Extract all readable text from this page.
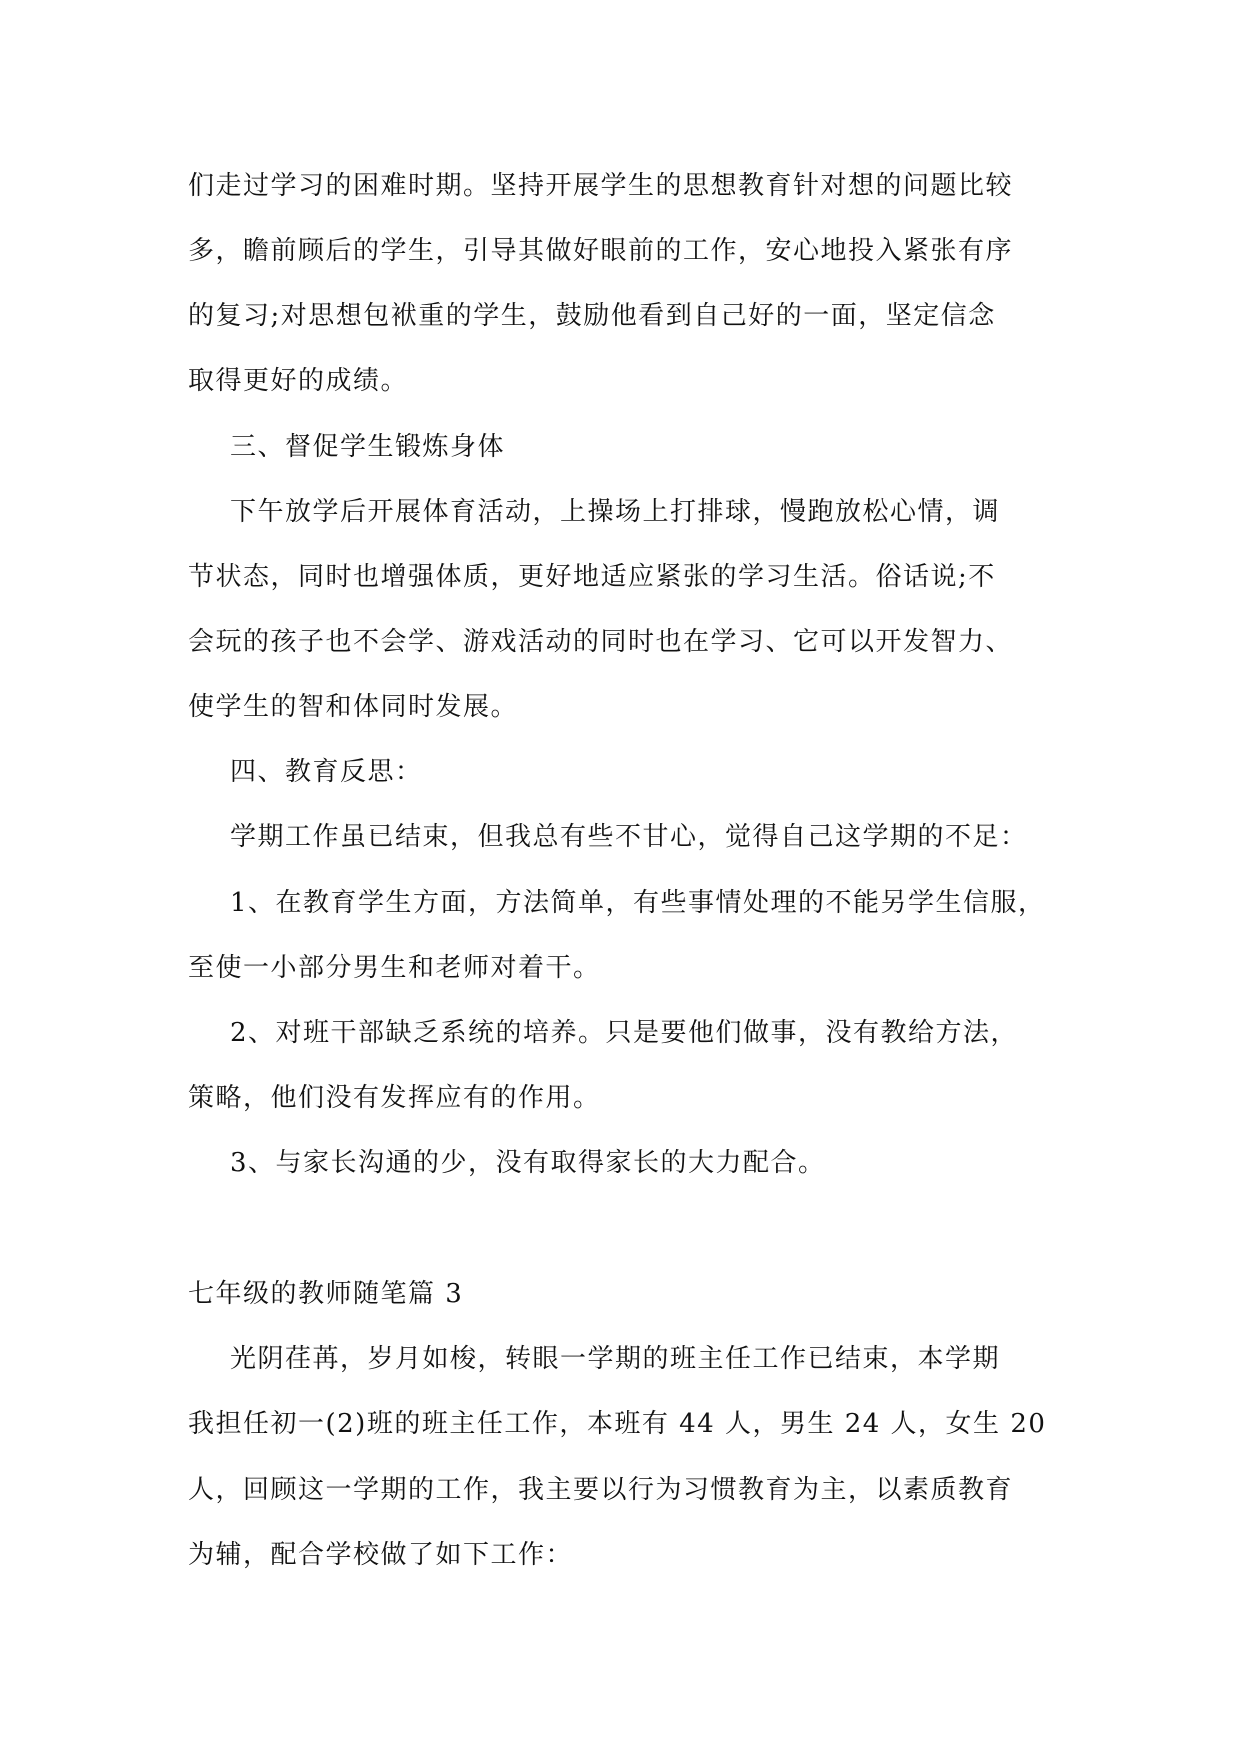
们走过学习的困难时期。坚持开展学生的思想教育针对想的问题比较
多，瞻前顾后的学生，引导其做好眼前的工作，安心地投入紧张有序
的复习;对思想包袱重的学生，鼓励他看到自己好的一面，坚定信念
取得更好的成绩。
三、督促学生锻炼身体
下午放学后开展体育活动，上操场上打排球，慢跑放松心情，调
节状态，同时也增强体质，更好地适应紧张的学习生活。俗话说;不
会玩的孩子也不会学、游戏活动的同时也在学习、它可以开发智力、
使学生的智和体同时发展。
四、教育反思：
学期工作虽已结束，但我总有些不甘心，觉得自己这学期的不足：
1、在教育学生方面，方法简单，有些事情处理的不能另学生信服，
至使一小部分男生和老师对着干。
2、对班干部缺乏系统的培养。只是要他们做事，没有教给方法，
策略，他们没有发挥应有的作用。
3、与家长沟通的少，没有取得家长的大力配合。
七年级的教师随笔篇 3
光阴荏苒，岁月如梭，转眼一学期的班主任工作已结束，本学期
我担任初一(2)班的班主任工作，本班有 44 人，男生 24 人，女生 20
人，回顾这一学期的工作，我主要以行为习惯教育为主，以素质教育
为辅，配合学校做了如下工作：
